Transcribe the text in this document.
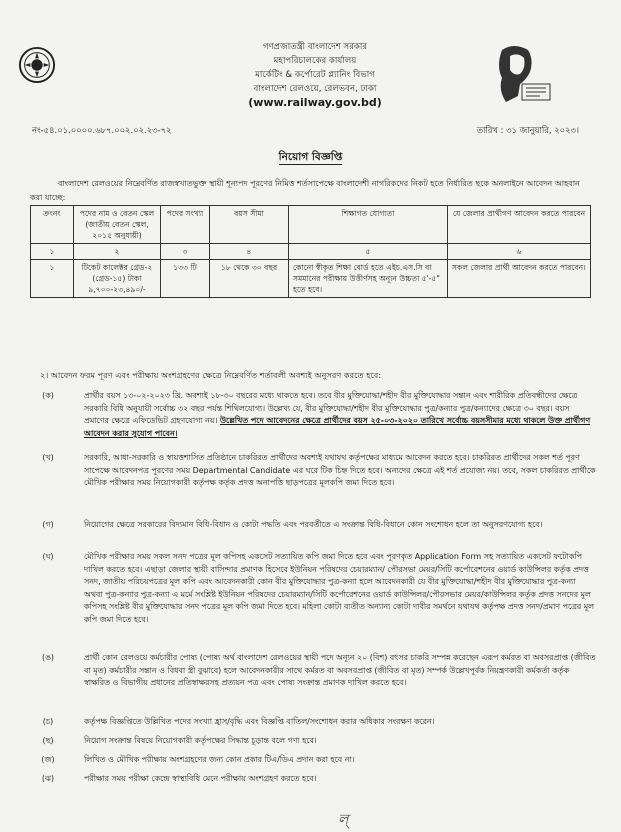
গণপ্রজাতন্ত্রী বাংলাদেশ সরকার
মহাপরিচালকের কার্যালয়
মার্কেটিং & কর্পোরেট প্ল্যানিং বিভাগ
বাংলাদেশ রেলওয়ে, রেলভবন, ঢাকা
(www.railway.gov.bd)
নং-৫৪.০১.০০০০.৬৮৭.০০২.০২.২৩-৭২	তারিখ : ৩১ জানুয়ারি, ২০২৩।
নিয়োগ বিজ্ঞপ্তি
বাংলাদেশ রেলওয়ের নিম্নেবর্ণিত রাজস্বখাতভুক্ত স্থায়ী শূন্যপদ পূরণের নিমিত্ত শর্তসাপেক্ষে বাংলাদেশী নাগরিকদের নিকট হতে নির্ধারিত ছকে অনলাইনে আবেদন আহবান করা যাচ্ছে:
ক্রংনং	পদের নাম ও বেতন স্কেল (জাতীয় বেতন স্কেল, ২০১৫ অনুযায়ী)	পদের সংখ্যা	বয়স সীমা	শিক্ষাগত যোগ্যতা	যে জেলার প্রার্থীগণ আবেদন করতে পারবেন
১	২	৩	৪	৫	৬
১	টিকেট কালেক্টর গ্রেড-২ (গ্রেড-১৫) টাকা ৯,৭০০-২৩,৪৯০/-	১৩৩ টি	১৮ থেকে ৩০ বছর	কোনো স্বীকৃত শিক্ষা বোর্ড হতে এইচ.এস.সি বা সমমানের পরীক্ষায় উত্তীর্ণসহ অন্যূন উচ্চতা ৫'-৫" হতে হবে।	সকল জেলার প্রার্থী আবেদন করতে পারবেন।
২। আবেদন ফরম পূরণ এবং পরীক্ষায় অংশগ্রহণের ক্ষেত্রে নিম্নেবর্ণিত শর্তাবলী অবশ্যই অনুসরণ করতে হবে:
(ক)	প্রার্থীর বয়স ১৩-০২-২০২৩ খ্রি. অবশ্যই ১৮-৩০ বছরের মধ্যে থাকতে হবে। তবে বীর মুক্তিযোদ্ধা/শহীদ বীর মুক্তিযোদ্ধার সন্তান এবং শারীরিক প্রতিবন্ধীদের ক্ষেত্রে সরকারি বিধি অনুযায়ী সর্বোচ্চ ৩২ বছর পর্যন্ত শিথিলযোগ্য। উল্লেখ্য যে, বীর মুক্তিযোদ্ধা/শহীদ বীর মুক্তিযোদ্ধার পুত্র/কন্যার পুত্র/কন্যাদের ক্ষেত্রে ৩০ বছর। বয়স প্রমাণের ক্ষেত্রে এফিডেভিট গ্রহণযোগ্য নয়। উল্লেখিত পদে আবেদনের ক্ষেত্রে প্রার্থীদের বয়স ২৫-০৩-২০২০ তারিখে সর্বোচ্চ বয়সসীমার মধ্যে থাকলে উক্ত প্রার্থীগণ আবেদন করার সুযোগ পাবেন।
(খ)	সরকারি, আধা-সরকারি ও স্বায়ত্তশাসিত প্রতিষ্ঠানে চাকরিরত প্রার্থীদের অবশ্যই যথাযথ কর্তৃপক্ষের মাধ্যমে আবেদন করতে হবে। চাকরিরত প্রার্থীদের সকল শর্ত পূরণ সাপেক্ষে আবেদনপত্র পূরণের সময় Departmental Candidate এর ঘরে টিক চিহ্ন দিতে হবে। অন্যদের ক্ষেত্রে এই শর্ত প্রযোজ্য নয়। তবে, সকল চাকরিরত প্রার্থীকে মৌখিক পরীক্ষার সময় নিয়োগকারী কর্তৃপক্ষ কর্তৃক প্রদত্ত অনাপত্তি ছাড়পত্রের মূলকপি জমা দিতে হবে।
(গ)	নিয়োগের ক্ষেত্রে সরকারের বিদ্যমান বিধি-বিধান ও কোটা পদ্ধতি এবং পরবর্তীতে এ সংক্রান্ত বিধি-বিধানে কোন সংশোধন হলে তা অনুসরণযোগ্য হবে।
(ঘ)	মৌখিক পরীক্ষার সময় সকল সনদ পত্রের মূল কপিসহ একসেট সত্যায়িত কপি জমা দিতে হবে এবং পূরণকৃত Application Form সহ সত্যায়িত একসেট ফটোকপি দাখিল করতে হবে। এছাড়া জেলার স্থায়ী বাসিন্দার প্রমাণক হিসেবে ইউনিয়ন পরিষদের চেয়ারম্যান/ পৌরসভা মেয়র/সিটি কর্পোরেশনের ওয়ার্ড কাউন্সিলর কর্তৃক প্রদত্ত সনদ, জাতীয় পরিচয়পত্রের মূল কপি এবং আবেদনকারী কোন বীর মুক্তিযোদ্ধার পুত্র-কন্যা হলে আবেদনকারী যে বীর মুক্তিযোদ্ধা/শহীদ বীর মুক্তিযোদ্ধার পুত্র-কন্যা অথবা পুত্র-কন্যার পুত্র-কন্যা এ মর্মে সংশ্লিষ্ট ইউনিয়ন পরিষদের চেয়ারম্যান/সিটি কর্পোরেশনের ওয়ার্ড কাউন্সিলর/পৌরসভার মেয়র/কাউন্সিলর কর্তৃক প্রদত্ত সনদের মূল কপিসহ সংশ্লিষ্ট বীর মুক্তিযোদ্ধার সনদ পত্রের মূল কপি জমা দিতে হবে। মহিলা কোটা ব্যতীত অন্যান্য কোটা দাবীর সমর্থনে যথাযথ কর্তৃপক্ষ প্রদত্ত সনদ/প্রমাণ পত্রের মূল কপি জমা দিতে হবে।
(ঙ)	প্রার্থী কোন রেলওয়ে কর্মচারীর পোষ্য (পোষ্য অর্থ বাংলাদেশ রেলওয়ের স্থায়ী পদে অন্যূন ২০ (বিশ) বৎসর চাকরি সম্পন্ন করেছেন এরূপ কর্মরত বা অবসরপ্রাপ্ত (জীবিত বা মৃত) কর্মচারীর সন্তান ও বিধবা স্ত্রী বুঝাবে) হলে আবেদনকারীর সাথে কর্মরত বা অবসরপ্রাপ্ত (জীবিত বা মৃত) সম্পর্ক উল্লেখপূর্বক নিয়ন্ত্রণকারী কর্মকর্তা কর্তৃক স্বাক্ষরিত ও বিভাগীয় প্রধানের প্রতিস্বাক্ষরসহ প্রত্যয়ন পত্র এবং পোষ্য সংক্রান্ত প্রমাণক দাখিল করতে হবে।
(চ)	কর্তৃপক্ষ বিজ্ঞপ্তিতে উল্লিখিত পদের সংখ্যা হ্রাস/বৃদ্ধি এবং বিজ্ঞপ্তি বাতিল/সংশোধন করার অধিকার সংরক্ষণ করেন।
(ছ)	নিয়োগ সংক্রান্ত বিষয়ে নিয়োগকারী কর্তৃপক্ষের সিদ্ধান্ত চূড়ান্ত বলে গণ্য হবে।
(জ)	লিখিত ও মৌখিক পরীক্ষায় অংশগ্রহণের জন্য কোন প্রকার টিএ/ডিএ প্রদান করা হবে না।
(ঝ)	পরীক্ষার সময় পরীক্ষা কেন্দ্রে স্বাস্থ্যবিধি মেনে পরীক্ষায় অংশগ্রহণ করতে হবে।
ল্
